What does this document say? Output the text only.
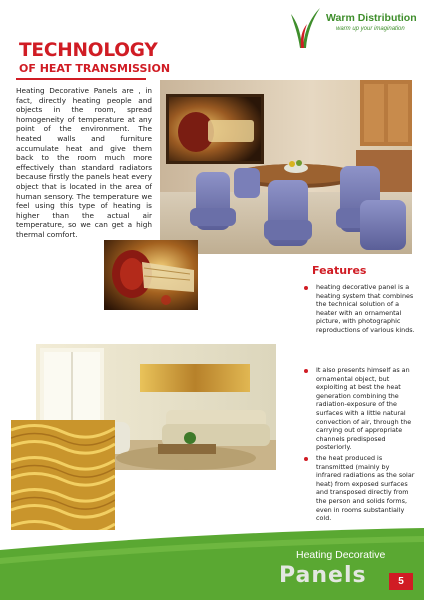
Warm Distribution
warm up your imagination
TECHNOLOGY
OF HEAT TRANSMISSION

Heating Decorative Panels are , in fact, directly heating people and objects in the room, spread homogeneity of temperature at any point of the environment. The heated walls and furniture accumulate heat and give them back to the room much more effectively than standard radiators because firstly the panels heat every object that is located in the area of human sensory. The temperature we feel using this type of heating is higher than the actual air temperature, so we can get a high thermal comfort.

Features
heating decorative panel is a heating system that combines the technical solution of a heater with an ornamental picture, with photographic reproductions of various kinds.
It also presents himself as an ornamental object, but exploiting at best the heat generation combining the radiation-exposure of the surfaces with a little natural convection of air, through the carrying out of appropriate channels predisposed posteriorly.
the heat produced is transmitted (mainly by infrared radiations as the solar heat) from exposed surfaces and transposed directly from the person and solids forms, even in rooms substantially cold.
Heating Decorative
Panels	5
